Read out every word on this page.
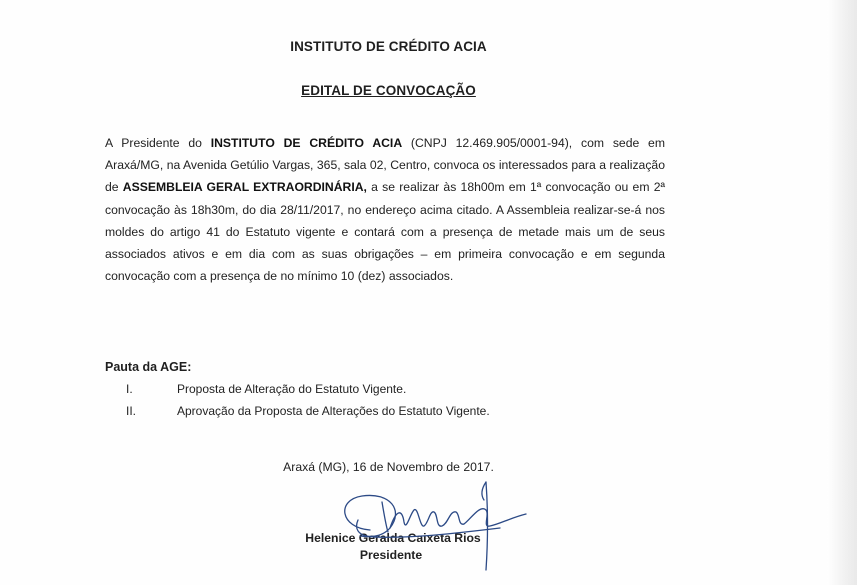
INSTITUTO DE CRÉDITO ACIA
EDITAL DE CONVOCAÇÃO
A Presidente do INSTITUTO DE CRÉDITO ACIA (CNPJ 12.469.905/0001-94), com sede em Araxá/MG, na Avenida Getúlio Vargas, 365, sala 02, Centro, convoca os interessados para a realização de ASSEMBLEIA GERAL EXTRAORDINÁRIA, a se realizar às 18h00m em 1ª convocação ou em 2ª convocação às 18h30m, do dia 28/11/2017, no endereço acima citado. A Assembleia realizar-se-á nos moldes do artigo 41 do Estatuto vigente e contará com a presença de metade mais um de seus associados ativos e em dia com as suas obrigações – em primeira convocação e em segunda convocação com a presença de no mínimo 10 (dez) associados.
Pauta da AGE:
I.	Proposta de Alteração do Estatuto Vigente.
II.	Aprovação da Proposta de Alterações do Estatuto Vigente.
Araxá (MG), 16 de Novembro de 2017.
Helenice Geralda Caixeta Rios
Presidente
